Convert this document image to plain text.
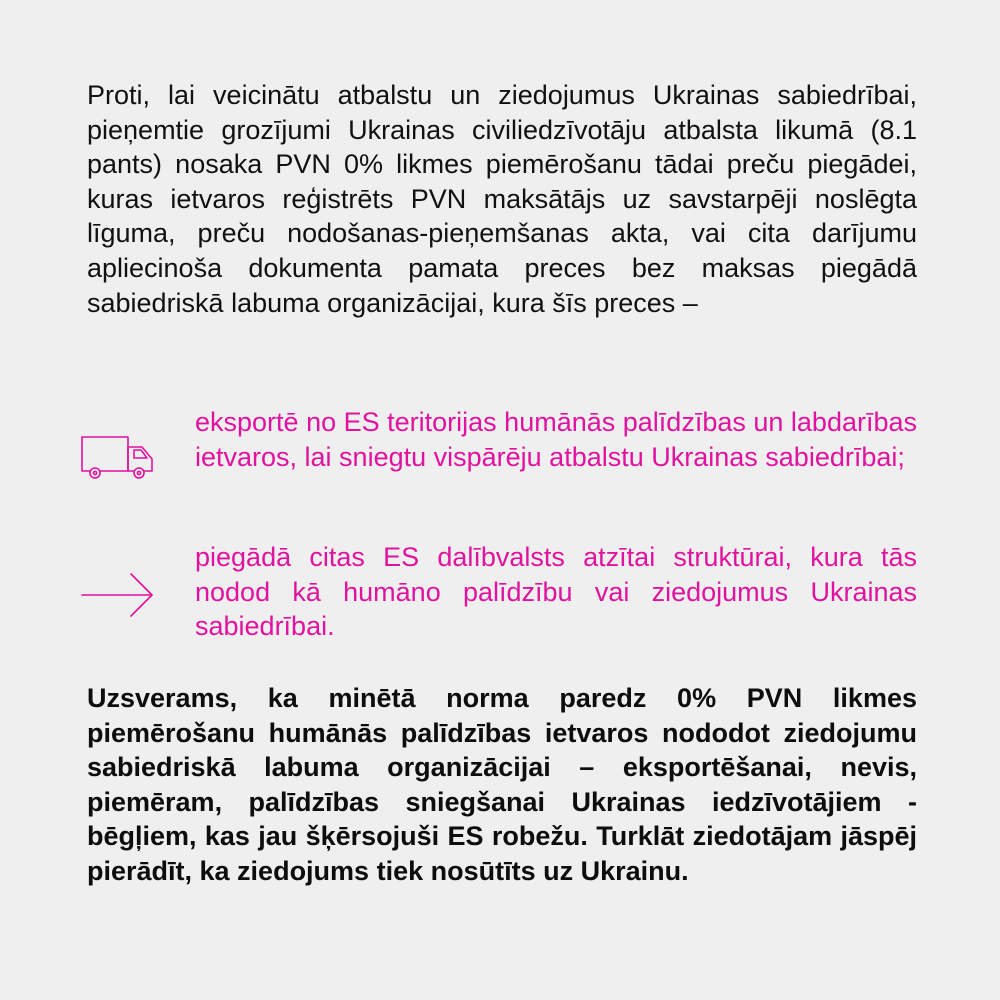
Proti, lai veicinātu atbalstu un ziedojumus Ukrainas sabiedrībai, pieņemtie grozījumi Ukrainas civiliedzīvotāju atbalsta likumā (8.1 pants) nosaka PVN 0% likmes piemērošanu tādai preču piegādei, kuras ietvaros reģistrēts PVN maksātājs uz savstarpēji noslēgta līguma, preču nodošanas-pieņemšanas akta, vai cita darījumu apliecinoša dokumenta pamata preces bez maksas piegādā sabiedriskā labuma organizācijai, kura šīs preces –

eksportē no ES teritorijas humānās palīdzības un labdarības ietvaros, lai sniegtu vispārēju atbalstu Ukrainas sabiedrībai;

piegādā citas ES dalībvalsts atzītai struktūrai, kura tās nodod kā humāno palīdzību vai ziedojumus Ukrainas sabiedrībai.

Uzsverams, ka minētā norma paredz 0% PVN likmes piemērošanu humānās palīdzības ietvaros nododot ziedojumu sabiedriskā labuma organizācijai – eksportēšanai, nevis, piemēram, palīdzības sniegšanai Ukrainas iedzīvotājiem - bēgļiem, kas jau šķērsojuši ES robežu. Turklāt ziedotājam jāspēj pierādīt, ka ziedojums tiek nosūtīts uz Ukrainu.
